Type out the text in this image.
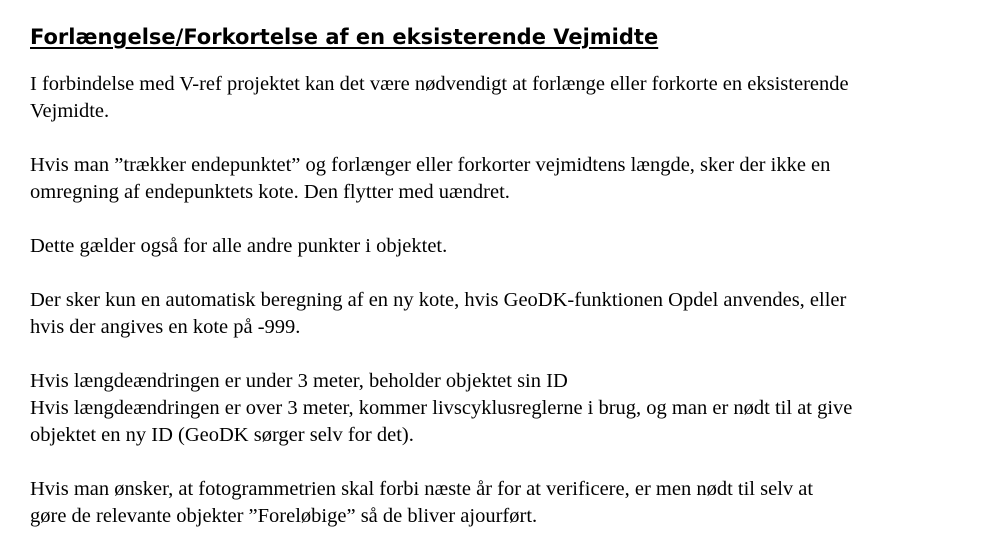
Forlængelse/Forkortelse af en eksisterende Vejmidte
I forbindelse med V-ref projektet kan det være nødvendigt at forlænge eller forkorte en eksisterende
Vejmidte.
Hvis man ”trækker endepunktet” og forlænger eller forkorter vejmidtens længde, sker der ikke en
omregning af endepunktets kote. Den flytter med uændret.
Dette gælder også for alle andre punkter i objektet.
Der sker kun en automatisk beregning af en ny kote, hvis GeoDK-funktionen Opdel anvendes, eller
hvis der angives en kote på -999.
Hvis længdeændringen er under 3 meter, beholder objektet sin ID
Hvis længdeændringen er over 3 meter, kommer livscyklusreglerne i brug, og man er nødt til at give
objektet en ny ID (GeoDK sørger selv for det).
Hvis man ønsker, at fotogrammetrien skal forbi næste år for at verificere, er men nødt til selv at
gøre de relevante objekter ”Foreløbige” så de bliver ajourført.
